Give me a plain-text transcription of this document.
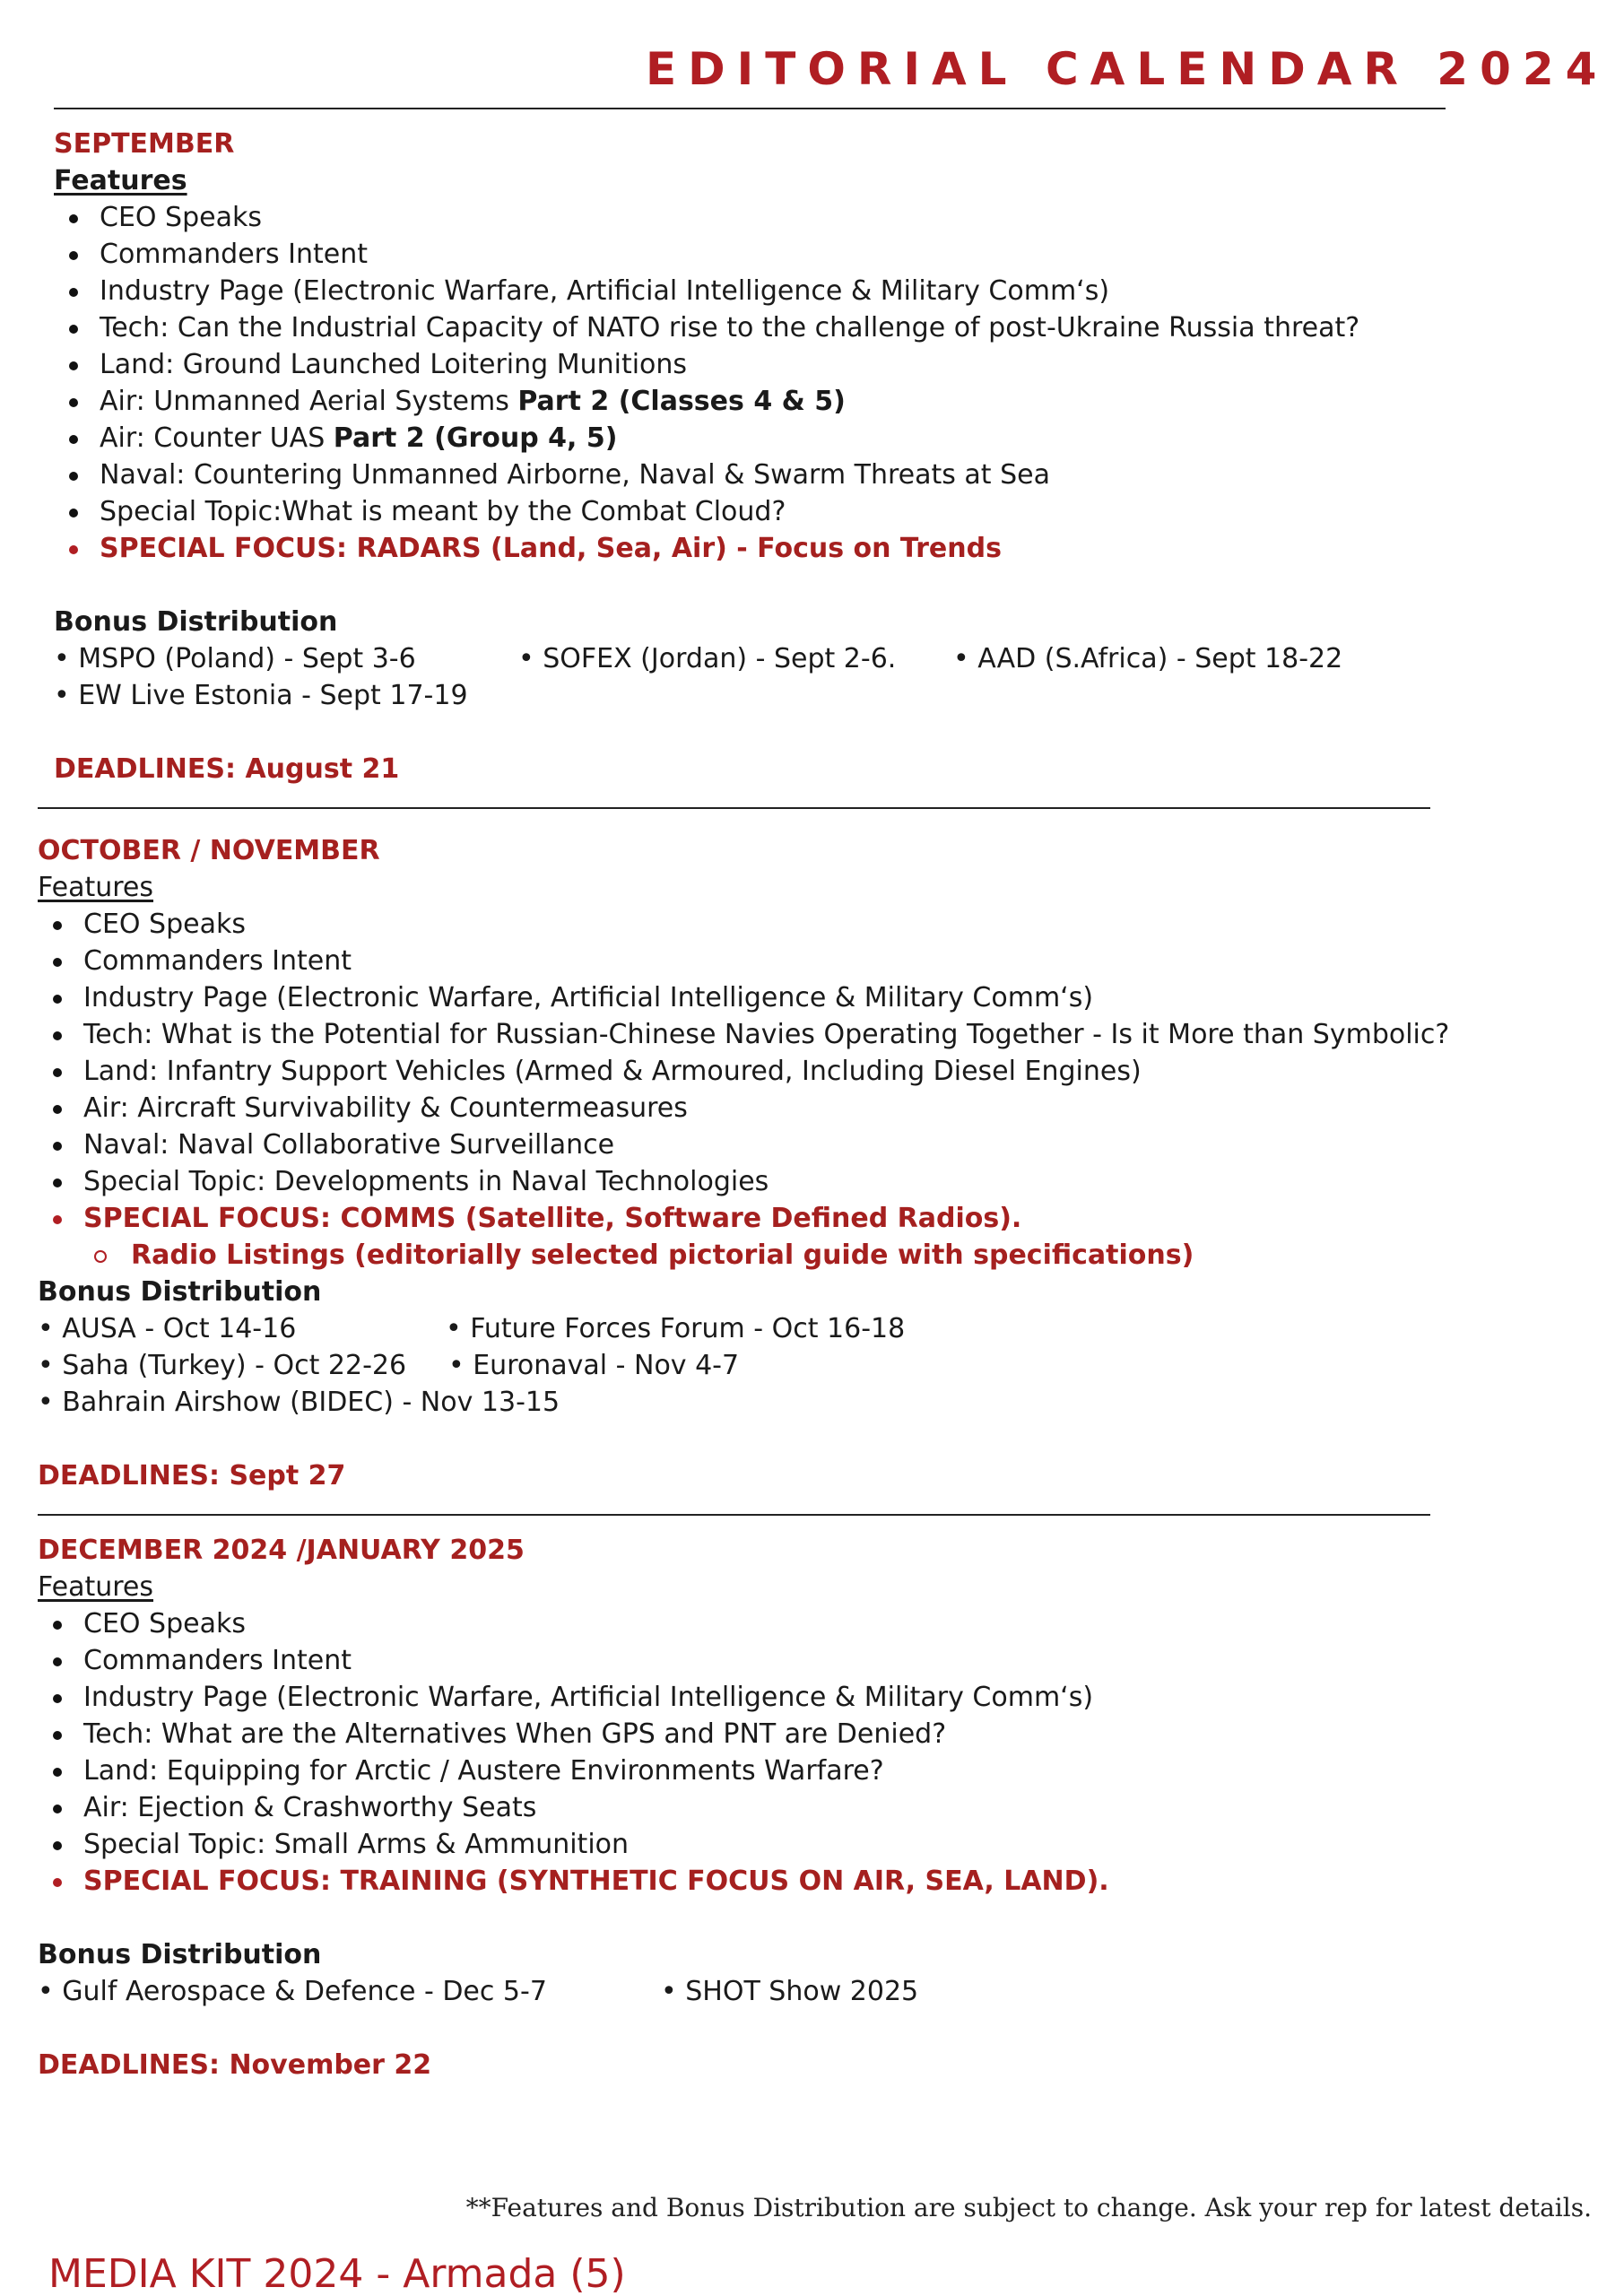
EDITORIAL CALENDAR 2024
SEPTEMBER
Features
CEO Speaks
Commanders Intent
Industry Page (Electronic Warfare, Artificial Intelligence & Military Comm‘s)
Tech: Can the Industrial Capacity of NATO rise to the challenge of post-Ukraine Russia threat?
Land: Ground Launched Loitering Munitions
Air: Unmanned Aerial Systems Part 2 (Classes 4 & 5)
Air: Counter UAS Part 2 (Group 4, 5)
Naval: Countering Unmanned Airborne, Naval & Swarm Threats at Sea
Special Topic:What is meant by the Combat Cloud?
SPECIAL FOCUS: RADARS (Land, Sea, Air) - Focus on Trends
Bonus Distribution
• MSPO (Poland) - Sept 3-6	• SOFEX (Jordan) - Sept 2-6. • AAD (S.Africa) - Sept 18-22
• EW Live Estonia - Sept 17-19
DEADLINES: August 21
OCTOBER / NOVEMBER
Features
CEO Speaks
Commanders Intent
Industry Page (Electronic Warfare, Artificial Intelligence & Military Comm‘s)
Tech: What is the Potential for Russian-Chinese Navies Operating Together - Is it More than Symbolic?
Land: Infantry Support Vehicles (Armed & Armoured, Including Diesel Engines)
Air: Aircraft Survivability & Countermeasures
Naval: Naval Collaborative Surveillance
Special Topic: Developments in Naval Technologies
SPECIAL FOCUS: COMMS (Satellite, Software Defined Radios).
Radio Listings (editorially selected pictorial guide with specifications)
Bonus Distribution
• AUSA - Oct 14-16	• Future Forces Forum - Oct 16-18
• Saha (Turkey) - Oct 22-26 • Euronaval - Nov 4-7
• Bahrain Airshow (BIDEC) - Nov 13-15
DEADLINES: Sept 27
DECEMBER 2024 /JANUARY 2025
Features
CEO Speaks
Commanders Intent
Industry Page (Electronic Warfare, Artificial Intelligence & Military Comm‘s)
Tech: What are the Alternatives When GPS and PNT are Denied?
Land: Equipping for Arctic / Austere Environments Warfare?
Air: Ejection & Crashworthy Seats
Special Topic: Small Arms & Ammunition
SPECIAL FOCUS: TRAINING (SYNTHETIC FOCUS ON AIR, SEA, LAND).
Bonus Distribution
• Gulf Aerospace & Defence - Dec 5-7	• SHOT Show 2025
DEADLINES: November 22
**Features and Bonus Distribution are subject to change. Ask your rep for latest details.
MEDIA KIT 2024 - Armada (5)
